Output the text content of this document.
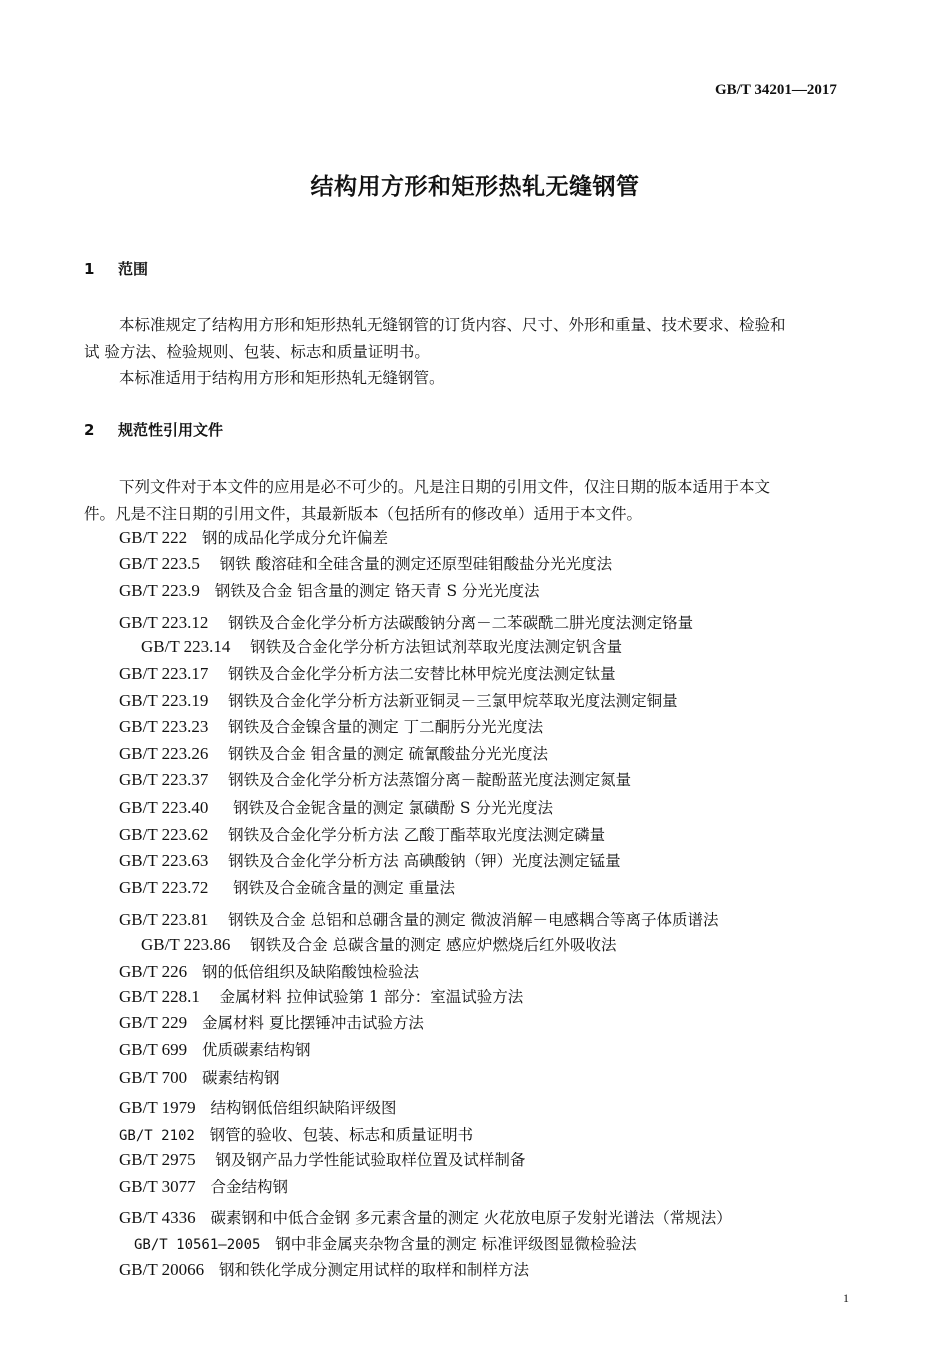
GB/T 34201—2017
结构用方形和矩形热轧无缝钢管
1 范围

本标准规定了结构用方形和矩形热轧无缝钢管的订货内容、尺寸、外形和重量、技术要求、检验和

试 验方法、检验规则、包装、标志和质量证明书。

本标准适用于结构用方形和矩形热轧无缝钢管。

2 规范性引用文件

下列文件对于本文件的应用是必不可少的。凡是注日期的引用文件，仅注日期的版本适用于本文

件。凡是不注日期的引用文件，其最新版本（包括所有的修改单）适用于本文件。

GB/T 222 钢的成品化学成分允许偏差
GB/T 223.5 钢铁 酸溶硅和全硅含量的测定还原型硅钼酸盐分光光度法
GB/T 223.9 钢铁及合金 铝含量的测定 铬天青 S 分光光度法
GB/T 223.12 钢铁及合金化学分析方法碳酸钠分离－二苯碳酰二肼光度法测定铬量
GB/T 223.14 钢铁及合金化学分析方法钽试剂萃取光度法测定钒含量
GB/T 223.17 钢铁及合金化学分析方法二安替比林甲烷光度法测定钛量
GB/T 223.19 钢铁及合金化学分析方法新亚铜灵－三氯甲烷萃取光度法测定铜量
GB/T 223.23 钢铁及合金镍含量的测定 丁二酮肟分光光度法
GB/T 223.26 钢铁及合金 钼含量的测定 硫氰酸盐分光光度法
GB/T 223.37 钢铁及合金化学分析方法蒸馏分离－靛酚蓝光度法测定氮量
GB/T 223.40 钢铁及合金铌含量的测定 氯磺酚 S 分光光度法
GB/T 223.62 钢铁及合金化学分析方法 乙酸丁酯萃取光度法测定磷量
GB/T 223.63 钢铁及合金化学分析方法 高碘酸钠（钾）光度法测定锰量
GB/T 223.72 钢铁及合金硫含量的测定 重量法
GB/T 223.81 钢铁及合金 总铝和总硼含量的测定 微波消解－电感耦合等离子体质谱法
GB/T 223.86 钢铁及合金 总碳含量的测定 感应炉燃烧后红外吸收法
GB/T 226 钢的低倍组织及缺陷酸蚀检验法
GB/T 228.1 金属材料 拉伸试验第 1 部分：室温试验方法
GB/T 229 金属材料 夏比摆锤冲击试验方法
GB/T 699 优质碳素结构钢
GB/T 700 碳素结构钢
GB/T 1979 结构钢低倍组织缺陷评级图
GB/T 2102 钢管的验收、包装、标志和质量证明书
GB/T 2975 钢及钢产品力学性能试验取样位置及试样制备
GB/T 3077 合金结构钢
GB/T 4336 碳素钢和中低合金钢 多元素含量的测定 火花放电原子发射光谱法（常规法）
GB/T 10561—2005 钢中非金属夹杂物含量的测定 标准评级图显微检验法
GB/T 20066 钢和铁化学成分测定用试样的取样和制样方法
1
